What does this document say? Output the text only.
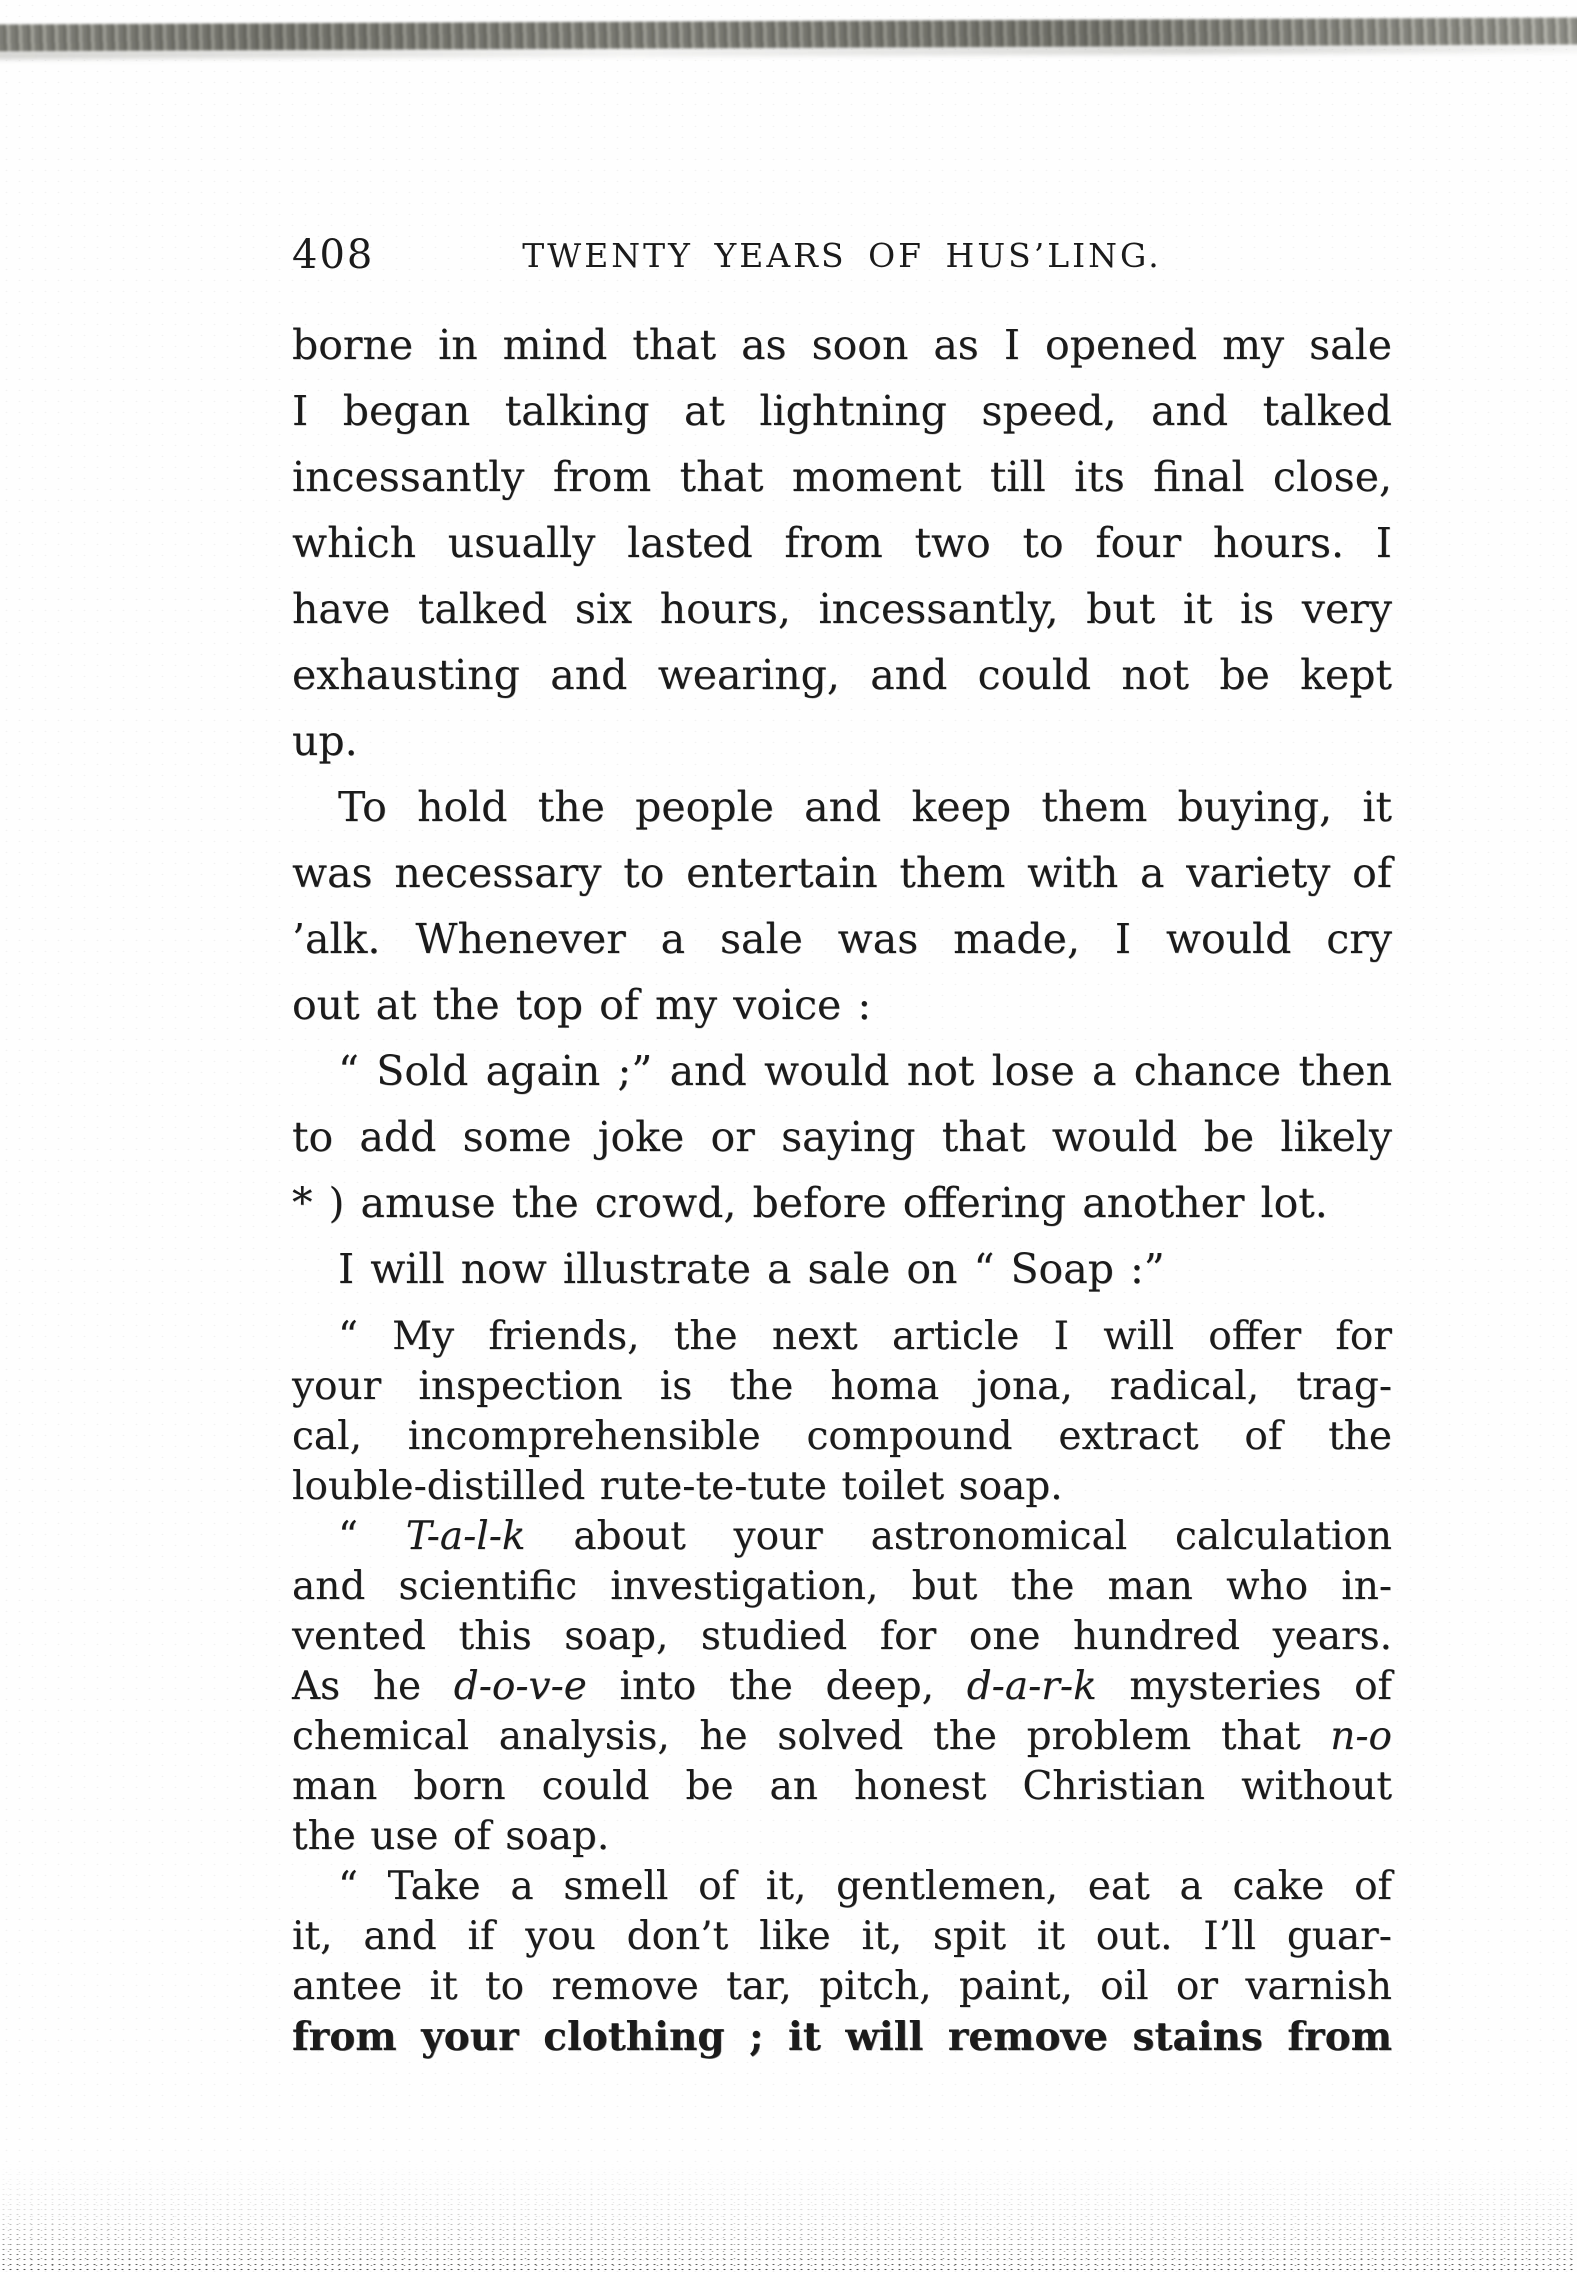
408	TWENTY YEARS OF HUS’LING.
borne in mind that as soon as I opened my sale
I began talking at lightning speed, and talked
incessantly from that moment till its final close,
which usually lasted from two to four hours. I
have talked six hours, incessantly, but it is very
exhausting and wearing, and could not be kept
up.
To hold the people and keep them buying, it
was necessary to entertain them with a variety of
’alk. Whenever a sale was made, I would cry
out at the top of my voice :
“ Sold again ;” and would not lose a chance then
to add some joke or saying that would be likely
* ) amuse the crowd, before offering another lot.
I will now illustrate a sale on “ Soap :”
“ My friends, the next article I will offer for
your inspection is the homa jona, radical, trag-
cal, incomprehensible compound extract of the
louble-distilled rute-te-tute toilet soap.
“ T-a-l-k about your astronomical calculation
and scientific investigation, but the man who in-
vented this soap, studied for one hundred years.
As he d-o-v-e into the deep, d-a-r-k mysteries of
chemical analysis, he solved the problem that n-o
man born could be an honest Christian without
the use of soap.
“ Take a smell of it, gentlemen, eat a cake of
it, and if you don’t like it, spit it out. I’ll guar-
antee it to remove tar, pitch, paint, oil or varnish
from your clothing ; it will remove stains from
